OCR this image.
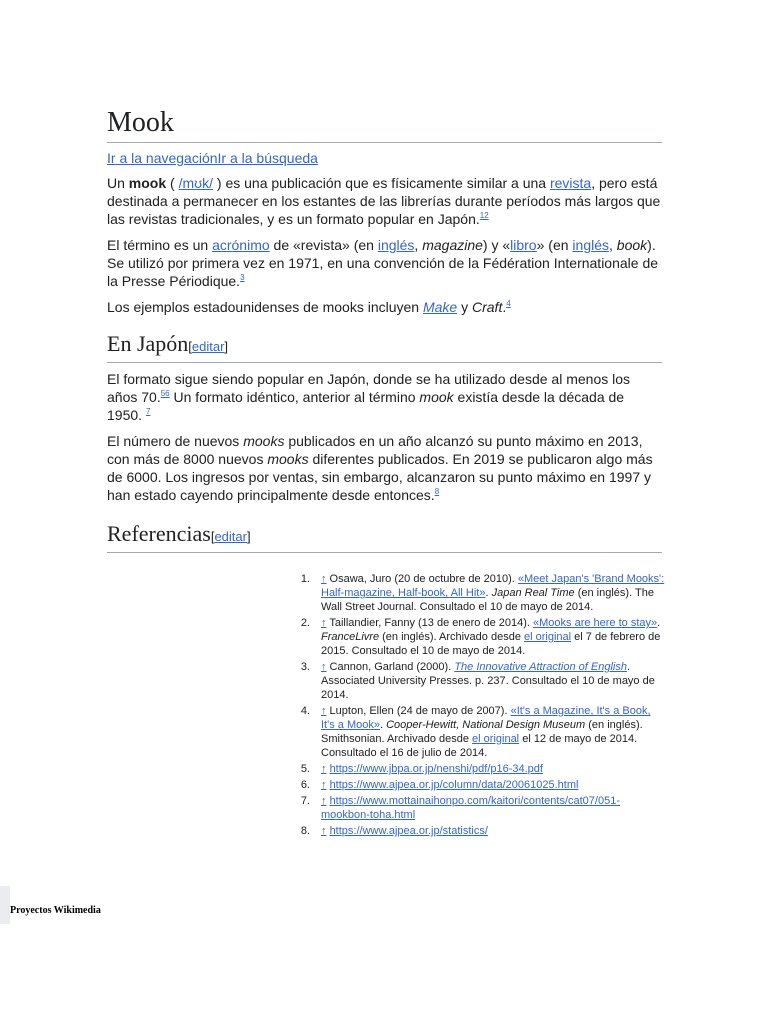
Mook
Ir a la navegaciónIr a la búsqueda

Un mook ( /mʊk/ ) es una publicación que es físicamente similar a una revista, pero está destinada a permanecer en los estantes de las librerías durante períodos más largos que las revistas tradicionales, y es un formato popular en Japón.$^{12}$

El término es un acrónimo de «revista» (en inglés, magazine) y «libro» (en inglés, book). Se utilizó por primera vez en 1971, en una convención de la Fédération Internationale de la Presse Périodique.$^3$

Los ejemplos estadounidenses de mooks incluyen Make y Craft.$^4$

En Japón[editar]

El formato sigue siendo popular en Japón, donde se ha utilizado desde al menos los años 70.56 Un formato idéntico, anterior al término mook existía desde la década de 1950. $^7$

El número de nuevos mooks publicados en un año alcanzó su punto máximo en 2013, con más de 8000 nuevos mooks diferentes publicados. En 2019 se publicaron algo más de 6000. Los ingresos por ventas, sin embargo, alcanzaron su punto máximo en 1997 y han estado cayendo principalmente desde entonces.$^8$

Referencias[editar]
1. ↑ Osawa, Juro (20 de octubre de 2010). «Meet Japan's 'Brand Mooks': Half-magazine, Half-book, All Hit». Japan Real Time (en inglés). The Wall Street Journal. Consultado el 10 de mayo de 2014.
2. ↑ Taillandier, Fanny (13 de enero de 2014). «Mooks are here to stay». FranceLivre (en inglés). Archivado desde el original el 7 de febrero de 2015. Consultado el 10 de mayo de 2014.
3. ↑ Cannon, Garland (2000). The Innovative Attraction of English. Associated University Presses. p. 237. Consultado el 10 de mayo de 2014.
4. ↑ Lupton, Ellen (24 de mayo de 2007). «It's a Magazine, It's a Book, It's a Mook». Cooper-Hewitt, National Design Museum (en inglés). Smithsonian. Archivado desde el original el 12 de mayo de 2014. Consultado el 16 de julio de 2014.
5. ↑ https://www.jbpa.or.jp/nenshi/pdf/p16-34.pdf
6. ↑ https://www.ajpea.or.jp/column/data/20061025.html
7. ↑ https://www.mottainaihonpo.com/kaitori/contents/cat07/051-mookbon-toha.html
8. ↑ https://www.ajpea.or.jp/statistics/
Proyectos Wikimedia
